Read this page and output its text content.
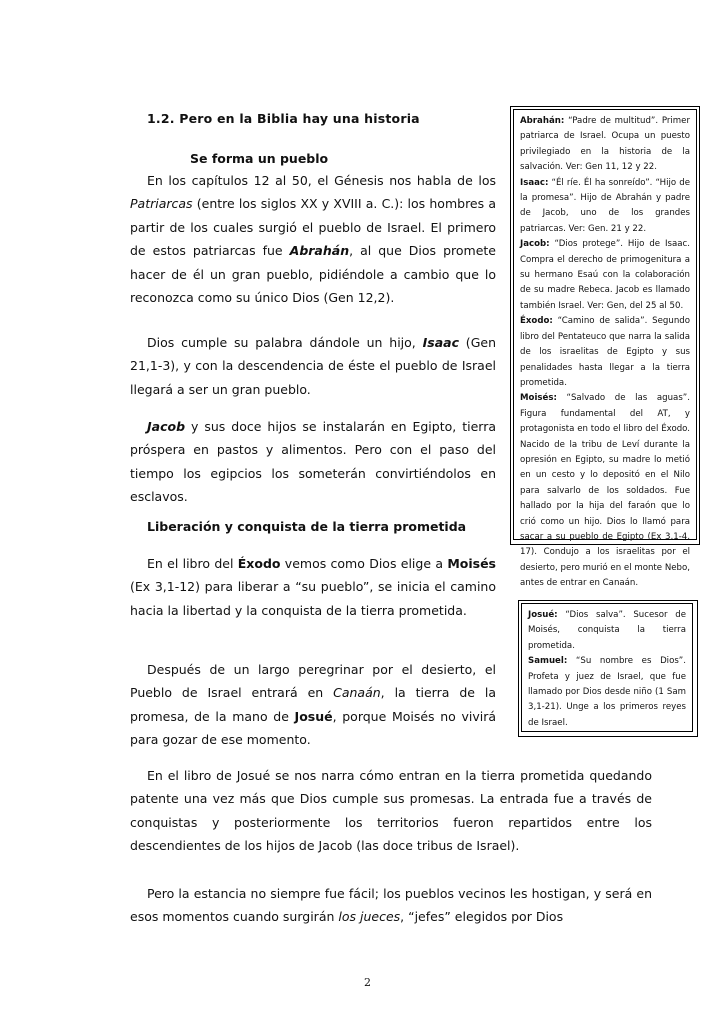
1.2. Pero en la Biblia hay una historia
Se forma un pueblo

En los capítulos 12 al 50, el Génesis nos habla de los Patriarcas (entre los siglos XX y XVIII a. C.): los hombres a partir de los cuales surgió el pueblo de Israel. El primero de estos patriarcas fue Abrahán, al que Dios promete hacer de él un gran pueblo, pidiéndole a cambio que lo reconozca como su único Dios (Gen 12,2).

Dios cumple su palabra dándole un hijo, Isaac (Gen 21,1-3), y con la descendencia de éste el pueblo de Israel llegará a ser un gran pueblo.

Jacob y sus doce hijos se instalarán en Egipto, tierra próspera en pastos y alimentos. Pero con el paso del tiempo los egipcios los someterán convirtiéndolos en esclavos.

Liberación y conquista de la tierra prometida

En el libro del Éxodo vemos como Dios elige a Moisés (Ex 3,1-12) para liberar a “su pueblo”, se inicia el camino hacia la libertad y la conquista de la tierra prometida.

Después de un largo peregrinar por el desierto, el Pueblo de Israel entrará en Canaán, la tierra de la promesa, de la mano de Josué, porque Moisés no vivirá para gozar de ese momento.

En el libro de Josué se nos narra cómo entran en la tierra prometida quedando patente una vez más que Dios cumple sus promesas. La entrada fue a través de conquistas y posteriormente los territorios fueron repartidos entre los descendientes de los hijos de Jacob (las doce tribus de Israel).

Pero la estancia no siempre fue fácil; los pueblos vecinos les hostigan, y será en esos momentos cuando surgirán los jueces, “jefes” elegidos por Dios

Abrahán: “Padre de multitud”. Primer patriarca de Israel. Ocupa un puesto privilegiado en la historia de la salvación. Ver: Gen 11, 12 y 22.
Isaac: “Él ríe. Él ha sonreído”. “Hijo de la promesa”. Hijo de Abrahán y padre de Jacob, uno de los grandes patriarcas. Ver: Gen. 21 y 22.
Jacob: “Dios protege”. Hijo de Isaac. Compra el derecho de primogenitura a su hermano Esaú con la colaboración de su madre Rebeca. Jacob es llamado también Israel. Ver: Gen, del 25 al 50.
Éxodo: “Camino de salida”. Segundo libro del Pentateuco que narra la salida de los israelitas de Egipto y sus penalidades hasta llegar a la tierra prometida.
Moisés: “Salvado de las aguas”. Figura fundamental del AT, y protagonista en todo el libro del Éxodo. Nacido de la tribu de Leví durante la opresión en Egipto, su madre lo metió en un cesto y lo depositó en el Nilo para salvarlo de los soldados. Fue hallado por la hija del faraón que lo crió como un hijo. Dios lo llamó para sacar a su pueblo de Egipto (Ex 3,1-4, 17). Condujo a los israelitas por el desierto, pero murió en el monte Nebo, antes de entrar en Canaán.
Josué: “Dios salva”. Sucesor de Moisés, conquista la tierra prometida.
Samuel: “Su nombre es Dios”. Profeta y juez de Israel, que fue llamado por Dios desde niño (1 Sam 3,1-21). Unge a los primeros reyes de Israel.
2
